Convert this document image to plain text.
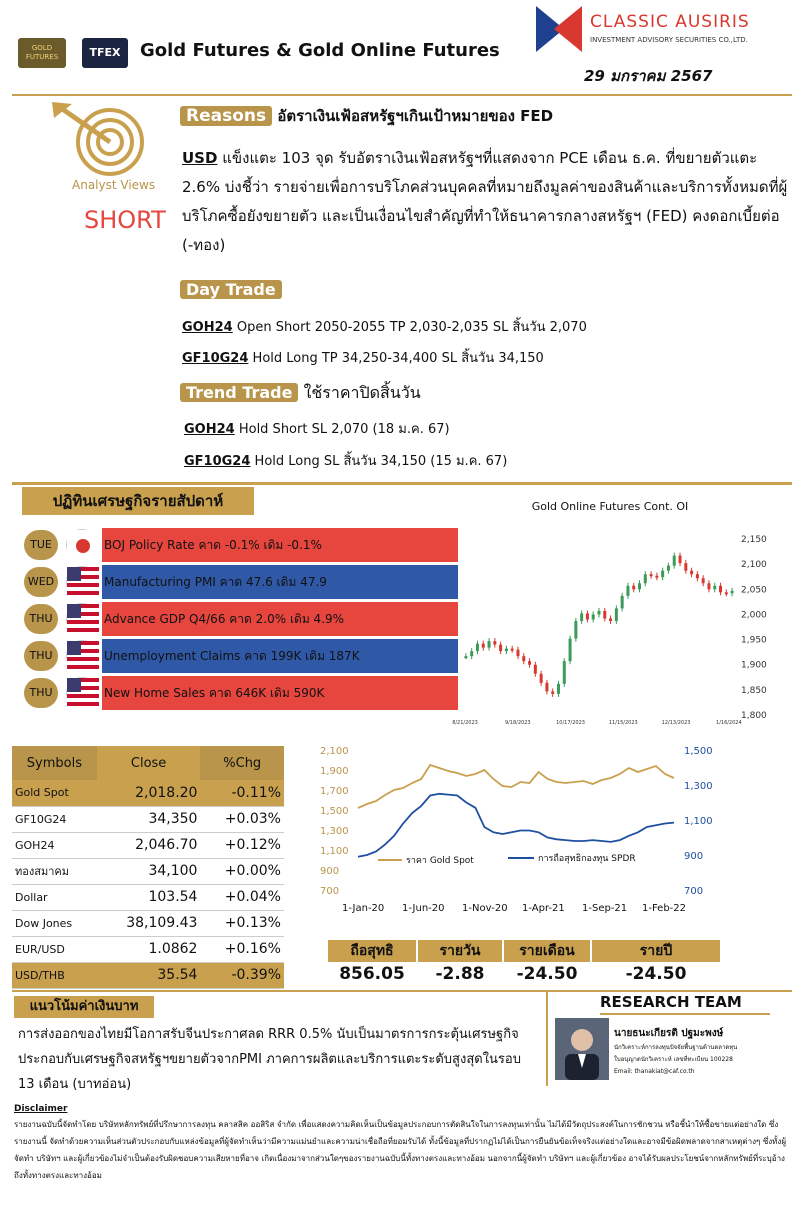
GOLD FUTURES	TFEX	Gold Futures & Gold Online Futures
CLASSIC AUSIRIS
INVESTMENT ADVISORY SECURITIES CO.,LTD.
29 มกราคม 2567
Analyst Views
SHORT
Reasons อัตราเงินเฟ้อสหรัฐฯเกินเป้าหมายของ FED
USD แข็งแตะ 103 จุด รับอัตราเงินเฟ้อสหรัฐฯที่แสดงจาก PCE เดือน ธ.ค. ที่ขยายตัวแตะ 2.6% บ่งชี้ว่า รายจ่ายเพื่อการบริโภคส่วนบุคคลที่หมายถึงมูลค่าของสินค้าและบริการทั้งหมดที่ผู้บริโภคซื้อยังขยายตัว และเป็นเงื่อนไขสำคัญที่ทำให้ธนาคารกลางสหรัฐฯ (FED) คงดอกเบี้ยต่อ (-ทอง)
Day Trade
GOH24 Open Short 2050-2055 TP 2,030-2,035 SL สิ้นวัน 2,070
GF10G24 Hold Long TP 34,250-34,400 SL สิ้นวัน 34,150
Trend Trade ใช้ราคาปิดสิ้นวัน
GOH24 Hold Short SL 2,070 (18 ม.ค. 67)
GF10G24 Hold Long SL สิ้นวัน 34,150 (15 ม.ค. 67)
ปฏิทินเศรษฐกิจรายสัปดาห์
TUE	BOJ Policy Rate คาด -0.1% เดิม -0.1%
WED	Manufacturing PMI คาด 47.6 เดิม 47.9
THU	Advance GDP Q4/66 คาด 2.0% เดิม 4.9%
THU	Unemployment Claims คาด 199K เดิม 187K
THU	New Home Sales คาด 646K เดิม 590K
Gold Online Futures Cont. OI
2,150
2,100
2,050
2,000
1,950
1,900
1,850
1,800
8/21/2023	9/18/2023	10/17/2023	11/15/2023	12/13/2023	1/16/2024
Symbols	Close	%Chg
Gold Spot	2,018.20	-0.11%
GF10G24	34,350	+0.03%
GOH24	2,046.70	+0.12%
ทองสมาคม	34,100	+0.00%
Dollar	103.54	+0.04%
Dow Jones	38,109.43	+0.13%
EUR/USD	1.0862	+0.16%
USD/THB	35.54	-0.39%
2,100
1,900
1,700
1,500
1,300
1,100
900
700
1,500
1,300
1,100
900
700
ราคา Gold Spot	การถือสุทธิกองทุน SPDR
1-Jan-20 1-Jun-20 1-Nov-20 1-Apr-21 1-Sep-21 1-Feb-22
ถือสุทธิ	รายวัน	รายเดือน	รายปี
856.05	-2.88	-24.50	-24.50
แนวโน้มค่าเงินบาท
การส่งออกของไทยมีโอกาสรับจีนประกาศลด RRR 0.5% นับเป็นมาตรการกระตุ้นเศรษฐกิจ ประกอบกับเศรษฐกิจสหรัฐฯขยายตัวจากPMI ภาคการผลิตและบริการแตะระดับสูงสุดในรอบ 13 เดือน (บาทอ่อน)
RESEARCH TEAM
นายธนะเกียรติ ปฐมะพงษ์
นักวิเคราะห์การลงทุนปัจจัยพื้นฐานด้านตลาดทุน
ใบอนุญาตนักวิเคราะห์ เลขที่ทะเบียน 100228
Email: thanakiat@caf.co.th
Disclaimer
รายงานฉบับนี้จัดทำโดย บริษัทหลักทรัพย์ที่ปรึกษาการลงทุน คลาสสิค ออสิริส จำกัด เพื่อแสดงความคิดเห็นเป็นข้อมูลประกอบการตัดสินใจในการลงทุนเท่านั้น ไม่ได้มีวัตถุประสงค์ในการชักชวน หรือชี้นำให้ซื้อขายแต่อย่างใด ซึ่งรายงานนี้ จัดทำด้วยความเห็นส่วนตัวประกอบกับแหล่งข้อมูลที่ผู้จัดทำเห็นว่ามีความแม่นยำและความน่าเชื่อถือที่ยอมรับได้ ทั้งนี้ข้อมูลที่ปรากฏไม่ได้เป็นการยืนยันข้อเท็จจริงแต่อย่างใดและอาจมีข้อผิดพลาดจากสาเหตุต่างๆ ซึ่งทั้งผู้จัดทำ บริษัทฯ และผู้เกี่ยวข้องไม่จำเป็นต้องรับผิดชอบความเสียหายที่อาจ เกิดเนื่องมาจากส่วนใดๆของรายงานฉบับนี้ทั้งทางตรงและทางอ้อม นอกจากนี้ผู้จัดทำ บริษัทฯ และผู้เกี่ยวข้อง อาจได้รับผลประโยชน์จากหลักทรัพย์ที่ระบุอ้างถึงทั้งทางตรงและทางอ้อม
